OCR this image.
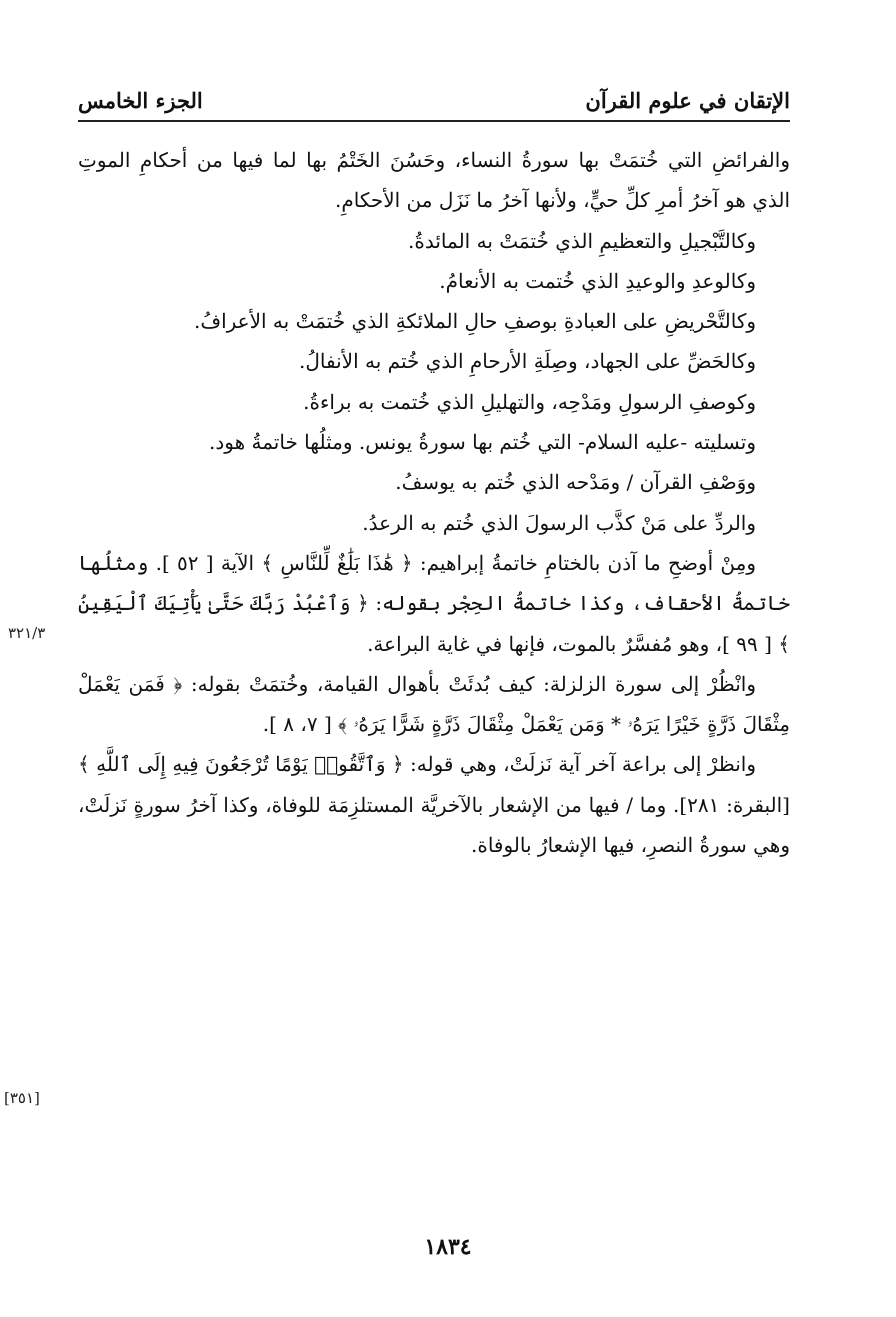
الإتقان في علوم القرآن
الجزء الخامس

والفرائضِ التي خُتمَتْ بها سورةُ النساء، وحَسُنَ الخَتْمُ بها لما فيها من أحكامِ الموتِ الذي هو آخرُ أمرِ كلِّ حيٍّ، ولأنها آخرُ ما نَزَل من الأحكامِ.

وكالتَّبْجيلِ والتعظيمِ الذي خُتمَتْ به المائدةُ.

وكالوعدِ والوعيدِ الذي خُتمت به الأنعامُ.

وكالتَّحْريضِ على العبادةِ بوصفِ حالِ الملائكةِ الذي خُتمَتْ به الأعرافُ.

وكالحَضِّ على الجهاد، وصِلَةِ الأرحامِ الذي خُتم به الأنفالُ.

وكوصفِ الرسولِ ومَدْحِه، والتهليلِ الذي خُتمت به براءةُ.

وتسليته -عليه السلام- التي خُتم بها سورةُ يونس. ومثلُها خاتمةُ هود.

ووَصْفِ القرآن / ومَدْحه الذي خُتم به يوسفُ.

والردِّ على مَنْ كذَّب الرسولَ الذي خُتم به الرعدُ.

ومِنْ أوضحِ ما آذن بالختامِ خاتمةُ إبراهيم: ﴿ هَٰذَا بَلَٰغٌ لِّلنَّاسِ ﴾ الآية [ ٥٢ ]. ومثلُها خاتمةُ الأحقاف، وكذا خاتمةُ الحِجْر بقوله: ﴿ وَٱعْبُدْ رَبَّكَ حَتَّىٰ يَأْتِيَكَ ٱلْيَقِينُ ﴾ [ ٩٩ ]، وهو مُفسَّرٌ بالموت، فإنها في غاية البراعة.

وانْظُرْ إلى سورة الزلزلة: كيف بُدئَتْ بأهوال القيامة، وخُتمَتْ بقوله: ﴿ فَمَن يَعْمَلْ مِثْقَالَ ذَرَّةٍ خَيْرًا يَرَهُۥ * وَمَن يَعْمَلْ مِثْقَالَ ذَرَّةٍ شَرًّا يَرَهُۥ ﴾ [ ٧، ٨ ].

وانظرْ إلى براعة آخر آية نَزلَتْ، وهي قوله: ﴿ وَٱتَّقُوا۟ يَوْمًا تُرْجَعُونَ فِيهِ إِلَى ٱللَّهِ ﴾ [البقرة: ٢٨١]. وما / فيها من الإشعار بالآخريَّة المستلزِمَة للوفاة، وكذا آخرُ سورةٍ نَزلَتْ، وهي سورةُ النصرِ، فيها الإشعارُ بالوفاة.

٣٢١/٣
[٣٥١]
١٨٣٤
